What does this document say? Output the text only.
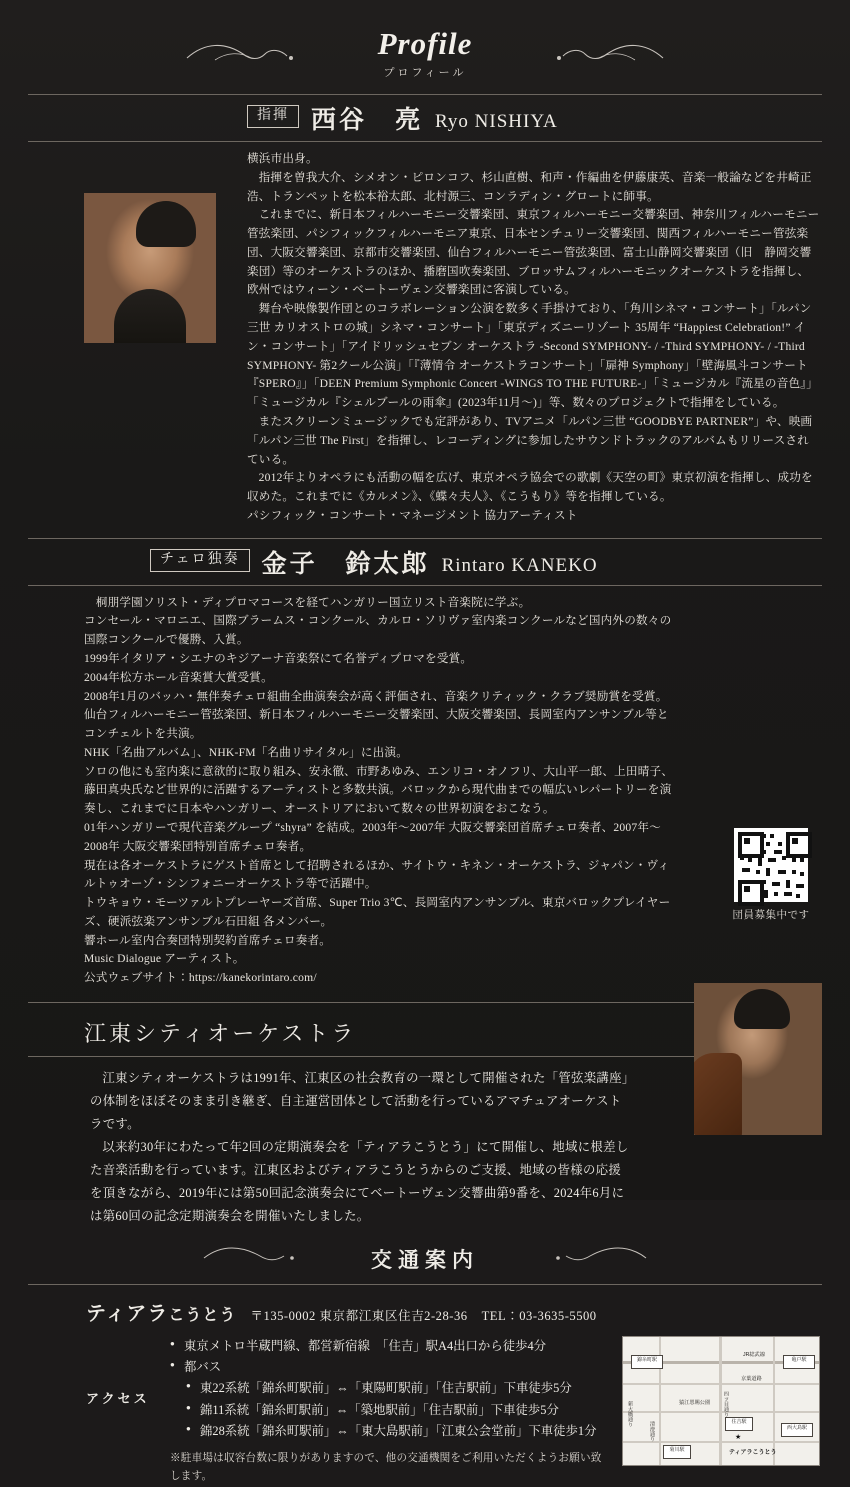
Profile
プロフィール
指揮 西谷　亮 Ryo NISHIYA

横浜市出身。

指揮を曽我大介、シメオン・ピロンコフ、杉山直樹、和声・作編曲を伊藤康英、音楽一般論などを井崎正浩、トランペットを松本裕太郎、北村源三、コンラディン・グロートに師事。

これまでに、新日本フィルハーモニー交響楽団、東京フィルハーモニー交響楽団、神奈川フィルハーモニー管弦楽団、パシフィックフィルハーモニア東京、日本センチュリー交響楽団、関西フィルハーモニー管弦楽団、大阪交響楽団、京都市交響楽団、仙台フィルハーモニー管弦楽団、富士山静岡交響楽団（旧　静岡交響楽団）等のオーケストラのほか、播磨国吹奏楽団、ブロッサムフィルハーモニックオーケストラを指揮し、欧州ではウィーン・ベートーヴェン交響楽団に客演している。

舞台や映像製作団とのコラボレーション公演を数多く手掛けており、「角川シネマ・コンサート」「ルパン三世 カリオストロの城」シネマ・コンサート」「東京ディズニーリゾート 35周年 “Happiest Celebration!” イン・コンサート」「アイドリッシュセブン オーケストラ -Second SYMPHONY- / -Third SYMPHONY- / -Third SYMPHONY- 第2クール公演」「『薄情令 オーケストラコンサート」「扉神 Symphony」「壁海風斗コンサート『SPERO』」「DEEN Premium Symphonic Concert -WINGS TO THE FUTURE-」「ミュージカル『流星の音色』」「ミュージカル『シェルブールの雨傘』(2023年11月〜)」等、数々のプロジェクトで指揮をしている。

またスクリーンミュージックでも定評があり、TVアニメ「ルパン三世 “GOODBYE PARTNER”」や、映画「ルパン三世 The First」を指揮し、レコーディングに参加したサウンドトラックのアルバムもリリースされている。

2012年よりオペラにも活動の幅を広げ、東京オペラ協会での歌劇《天空の町》東京初演を指揮し、成功を収めた。これまでに《カルメン》、《蝶々夫人》、《こうもり》等を指揮している。

パシフィック・コンサート・マネージメント 協力アーティスト

チェロ独奏 金子　鈴太郎 Rintaro KANEKO

　桐朋学園ソリスト・ディプロマコースを経てハンガリー国立リスト音楽院に学ぶ。

コンセール・マロニエ、国際ブラームス・コンクール、カルロ・ソリヴァ室内楽コンクールなど国内外の数々の国際コンクールで優勝、入賞。

1999年イタリア・シエナのキジアーナ音楽祭にて名誉ディプロマを受賞。

2004年松方ホール音楽賞大賞受賞。

2008年1月のバッハ・無伴奏チェロ組曲全曲演奏会が高く評価され、音楽クリティック・クラブ奨励賞を受賞。

仙台フィルハーモニー管弦楽団、新日本フィルハーモニー交響楽団、大阪交響楽団、長岡室内アンサンブル等とコンチェルトを共演。

NHK「名曲アルバム」、NHK-FM「名曲リサイタル」に出演。

ソロの他にも室内楽に意欲的に取り組み、安永徹、市野あゆみ、エンリコ・オノフリ、大山平一郎、上田晴子、藤田真央氏など世界的に活躍するアーティストと多数共演。バロックから現代曲までの幅広いレパートリーを演奏し、これまでに日本やハンガリー、オーストリアにおいて数々の世界初演をおこなう。

01年ハンガリーで現代音楽グループ “shyra” を結成。2003年〜2007年 大阪交響楽団首席チェロ奏者、2007年〜2008年 大阪交響楽団特別首席チェロ奏者。

現在は各オーケストラにゲスト首席として招聘されるほか、サイトウ・キネン・オーケストラ、ジャパン・ヴィルトゥオーゾ・シンフォニーオーケストラ等で活躍中。

トウキョウ・モーツァルトプレーヤーズ首席、Super Trio 3℃、長岡室内アンサンブル、東京バロックプレイヤーズ、硬派弦楽アンサンブル石田組 各メンバー。

響ホール室内合奏団特別契約首席チェロ奏者。

Music Dialogue アーティスト。

公式ウェブサイト：https://kanekorintaro.com/

江東シティオーケストラ

江東シティオーケストラは1991年、江東区の社会教育の一環として開催された「管弦楽講座」の体制をほぼそのまま引き継ぎ、自主運営団体として活動を行っているアマチュアオーケストラです。

以来約30年にわたって年2回の定期演奏会を「ティアラこうとう」にて開催し、地域に根差した音楽活動を行っています。江東区およびティアラこうとうからのご支援、地域の皆様の応援を頂きながら、2019年には第50回記念演奏会にてベートーヴェン交響曲第9番を、2024年6月には第60回の記念定期演奏会を開催いたしました。

団員募集中です
交通案内
ティアラこうとう 〒135-0002 東京都江東区住吉2-28-36 TEL：03-3635-5500
アクセス
● 東京メトロ半蔵門線、都営新宿線　「住吉」駅A4出口から徒歩4分
● 都バス
● 東22系統「錦糸町駅前」⇔「東陽町駅前」「住吉駅前」下車徒歩5分
● 錦11系統「錦糸町駅前」⇔「築地駅前」「住吉駅前」下車徒歩5分
● 錦28系統「錦糸町駅前」⇔「東大島駅前」「江東公会堂前」下車徒歩1分
※駐車場は収容台数に限りがありますので、他の交通機関をご利用いただくようお願い致します。
JR総武線
錦糸町駅	亀戸駅
京葉道路
新大橋通り	四ツ目通り
清澄通り	住吉駅
猿江恩賜公園
菊川駅
西大島駅
★
ティアラこうとう
